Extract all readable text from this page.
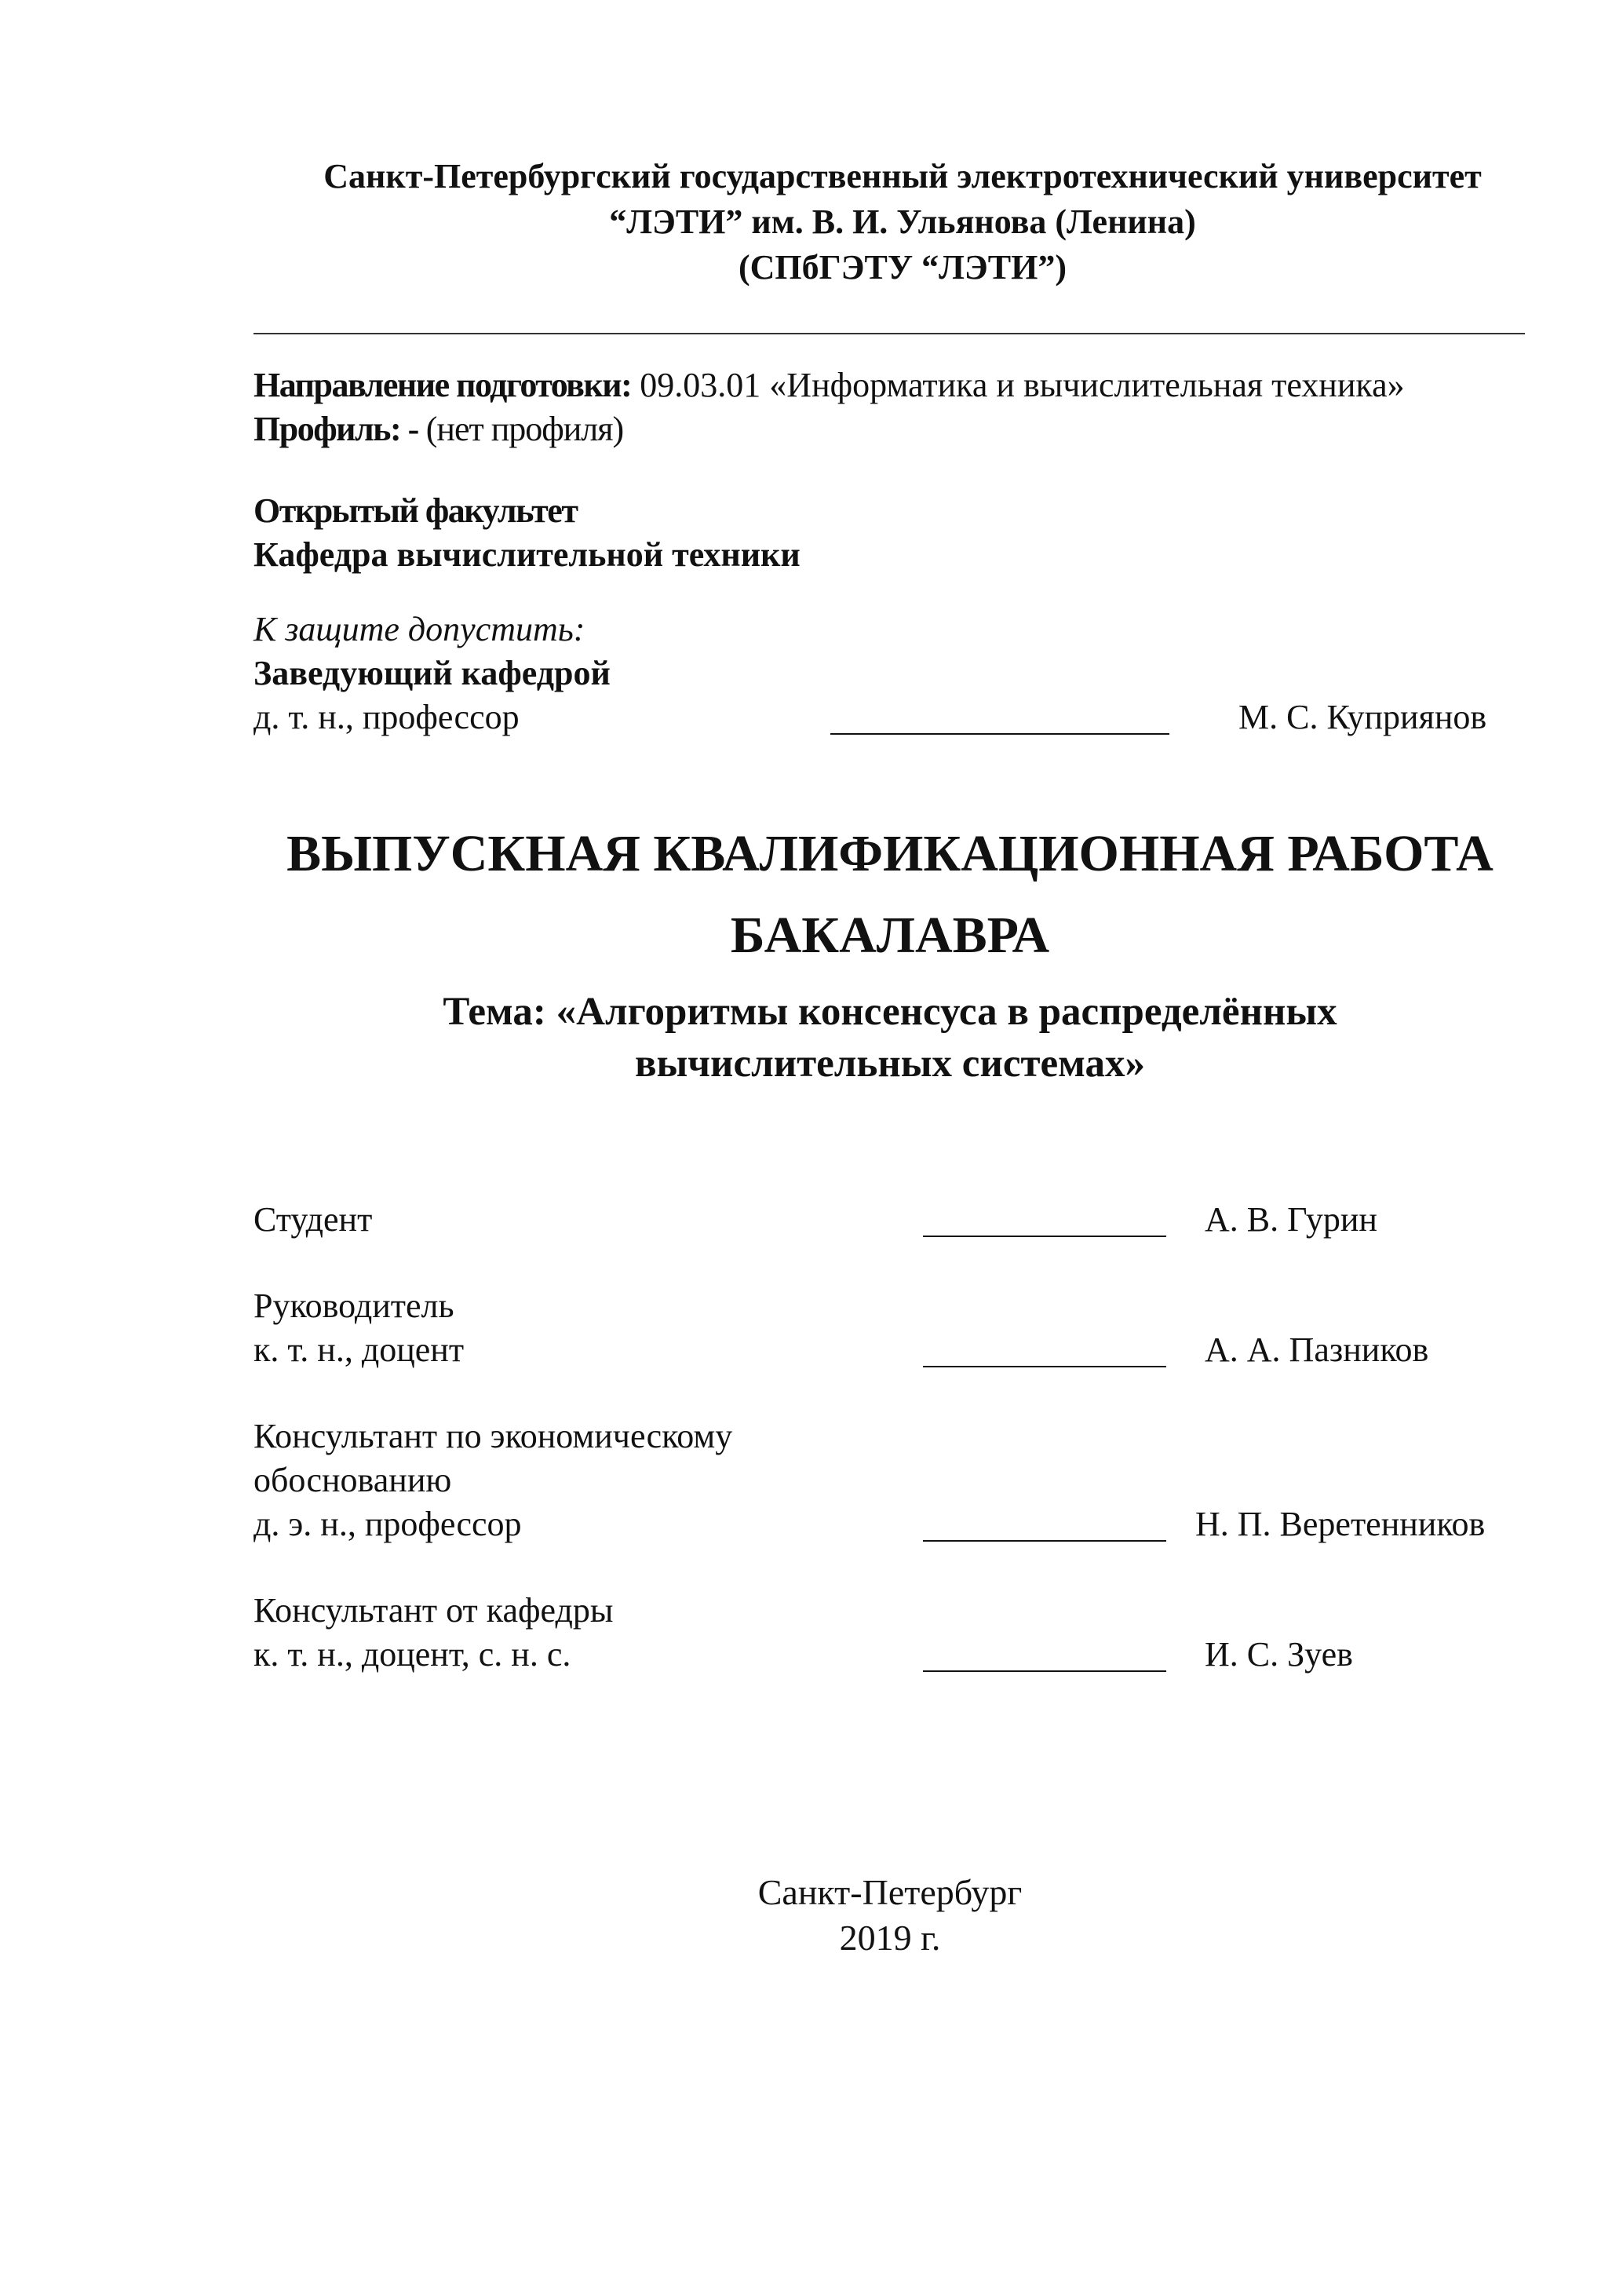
Санкт-Петербургский государственный электротехнический университет
“ЛЭТИ” им. В. И. Ульянова (Ленина)
(СПбГЭТУ “ЛЭТИ”)
Направление подготовки: 09.03.01 «Информатика и вычислительная техника»
Профиль: - (нет профиля)
Открытый факультет
Кафедра вычислительной техники
К защите допустить:
Заведующий кафедрой
д. т. н., профессор	М. С. Куприянов
ВЫПУСКНАЯ КВАЛИФИКАЦИОННАЯ РАБОТА
БАКАЛАВРА
Тема: «Алгоритмы консенсуса в распределённых
вычислительных системах»
Студент	А. В. Гурин
Руководитель
к. т. н., доцент	А. А. Пазников
Консультант по экономическому
обоснованию
д. э. н., профессор	Н. П. Веретенников
Консультант от кафедры
к. т. н., доцент, с. н. с.	И. С. Зуев
Санкт-Петербург
2019 г.
